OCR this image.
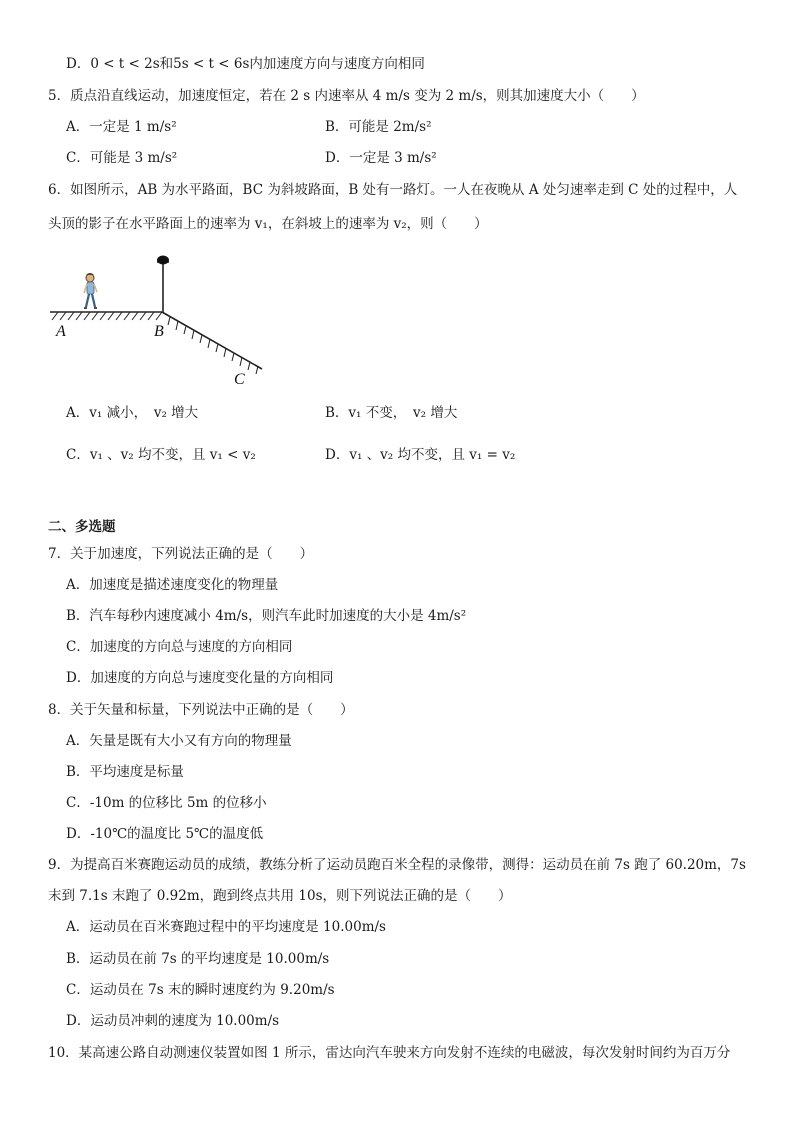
D．0 < t < 2s和5s < t < 6s内加速度方向与速度方向相同
5．质点沿直线运动，加速度恒定，若在 2 s 内速率从 4 m/s 变为 2 m/s，则其加速度大小（　　）
A．一定是 1 m/s²	B．可能是 2m/s²
C．可能是 3 m/s²	D．一定是 3 m/s²
6．如图所示，AB 为水平路面，BC 为斜坡路面，B 处有一路灯。一人在夜晚从 A 处匀速率走到 C 处的过程中，人
头顶的影子在水平路面上的速率为 v₁，在斜坡上的速率为 v₂，则（　　）
A	B
C
A．v₁ 减小，　v₂ 增大	B．v₁ 不变，　v₂ 增大
C．v₁ 、v₂ 均不变，且 v₁ < v₂	D．v₁ 、v₂ 均不变，且 v₁ = v₂
二、多选题
7．关于加速度，下列说法正确的是（　　）
A．加速度是描述速度变化的物理量
B．汽车每秒内速度减小 4m/s，则汽车此时加速度的大小是 4m/s²
C．加速度的方向总与速度的方向相同
D．加速度的方向总与速度变化量的方向相同
8．关于矢量和标量，下列说法中正确的是（　　）
A．矢量是既有大小又有方向的物理量
B．平均速度是标量
C．-10m 的位移比 5m 的位移小
D．-10℃的温度比 5℃的温度低
9．为提高百米赛跑运动员的成绩，教练分析了运动员跑百米全程的录像带，测得：运动员在前 7s 跑了 60.20m，7s
末到 7.1s 末跑了 0.92m，跑到终点共用 10s，则下列说法正确的是（　　）
A．运动员在百米赛跑过程中的平均速度是 10.00m/s
B．运动员在前 7s 的平均速度是 10.00m/s
C．运动员在 7s 末的瞬时速度约为 9.20m/s
D．运动员冲刺的速度为 10.00m/s
10．某高速公路自动测速仪装置如图 1 所示，雷达向汽车驶来方向发射不连续的电磁波，每次发射时间约为百万分
